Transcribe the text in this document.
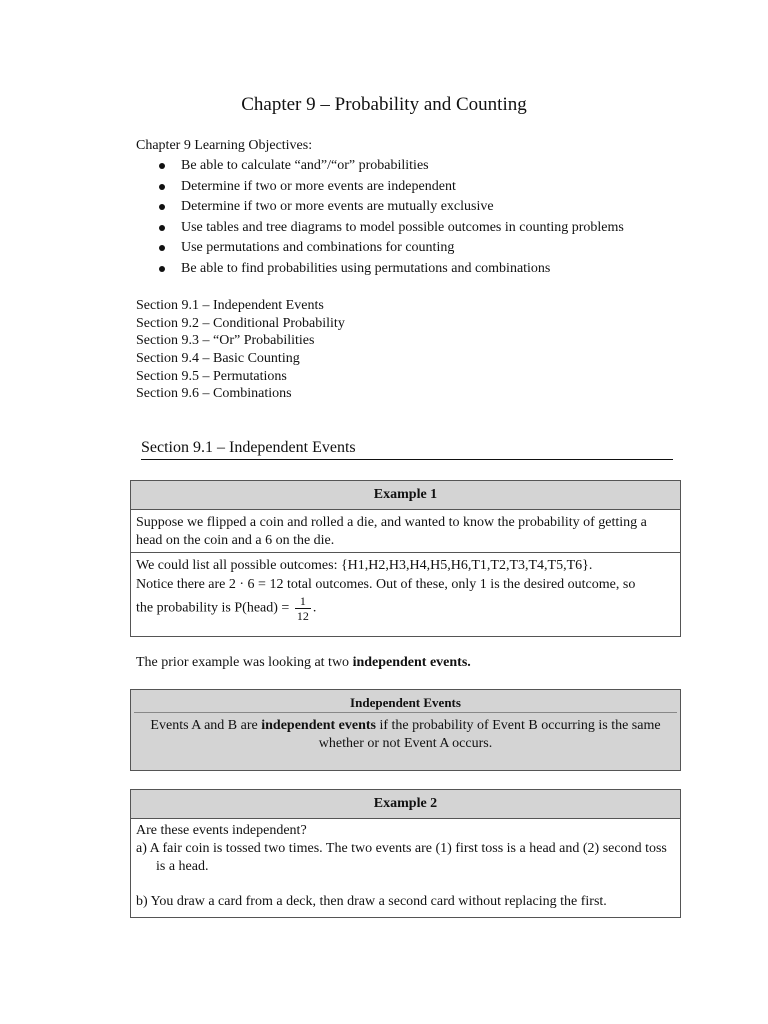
Chapter 9 – Probability and Counting
Chapter 9 Learning Objectives:
Be able to calculate “and”/“or” probabilities
Determine if two or more events are independent
Determine if two or more events are mutually exclusive
Use tables and tree diagrams to model possible outcomes in counting problems
Use permutations and combinations for counting
Be able to find probabilities using permutations and combinations
Section 9.1 – Independent Events
Section 9.2 – Conditional Probability
Section 9.3 – “Or” Probabilities
Section 9.4 – Basic Counting
Section 9.5 – Permutations
Section 9.6 – Combinations
Section 9.1 – Independent Events
Example 1
Suppose we flipped a coin and rolled a die, and wanted to know the probability of getting a head on the coin and a 6 on the die.
We could list all possible outcomes: {H1,H2,H3,H4,H5,H6,T1,T2,T3,T4,T5,T6}.
Notice there are 2 · 6 = 12 total outcomes. Out of these, only 1 is the desired outcome, so
the probability is P(head) = $\frac{1}{12}$ .
The prior example was looking at two independent events.
Independent Events
Events A and B are independent events if the probability of Event B occurring is the same whether or not Event A occurs.
Example 2
Are these events independent?
a) A fair coin is tossed two times. The two events are (1) first toss is a head and (2) second toss is a head.
b) You draw a card from a deck, then draw a second card without replacing the first.
